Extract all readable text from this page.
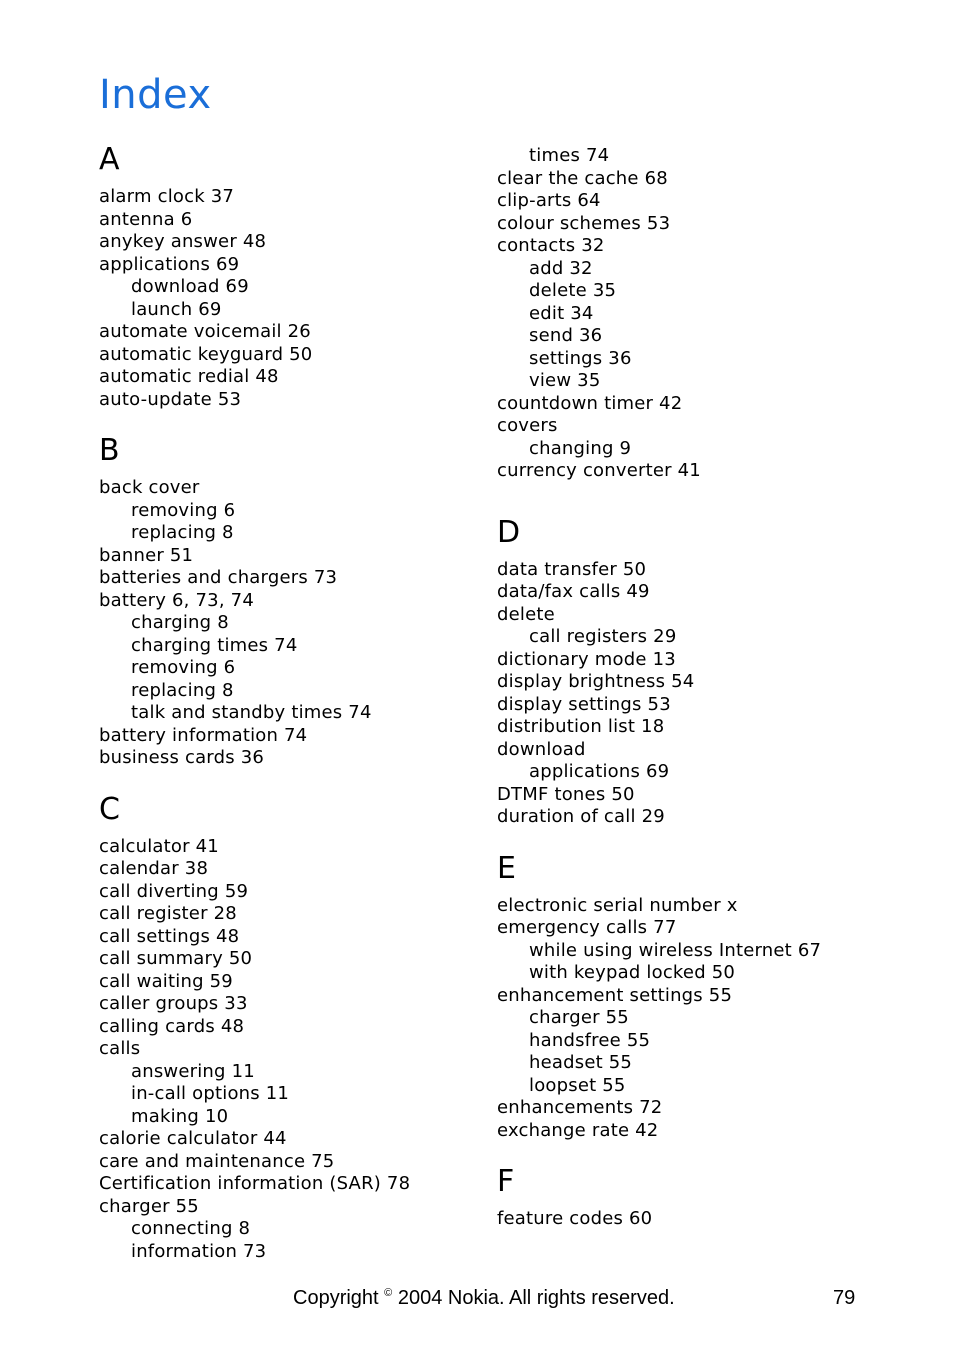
Index
A
alarm clock 37
antenna 6
anykey answer 48
applications 69
download 69
launch 69
automate voicemail 26
automatic keyguard 50
automatic redial 48
auto-update 53
B
back cover
removing 6
replacing 8
banner 51
batteries and chargers 73
battery 6, 73, 74
charging 8
charging times 74
removing 6
replacing 8
talk and standby times 74
battery information 74
business cards 36
C
calculator 41
calendar 38
call diverting 59
call register 28
call settings 48
call summary 50
call waiting 59
caller groups 33
calling cards 48
calls
answering 11
in-call options 11
making 10
calorie calculator 44
care and maintenance 75
Certification information (SAR) 78
charger 55
connecting 8
information 73
times 74
clear the cache 68
clip-arts 64
colour schemes 53
contacts 32
add 32
delete 35
edit 34
send 36
settings 36
view 35
countdown timer 42
covers
changing 9
currency converter 41
D
data transfer 50
data/fax calls 49
delete
call registers 29
dictionary mode 13
display brightness 54
display settings 53
distribution list 18
download
applications 69
DTMF tones 50
duration of call 29
E
electronic serial number x
emergency calls 77
while using wireless Internet 67
with keypad locked 50
enhancement settings 55
charger 55
handsfree 55
headset 55
loopset 55
enhancements 72
exchange rate 42
F
feature codes 60
Copyright © 2004 Nokia. All rights reserved.	79
